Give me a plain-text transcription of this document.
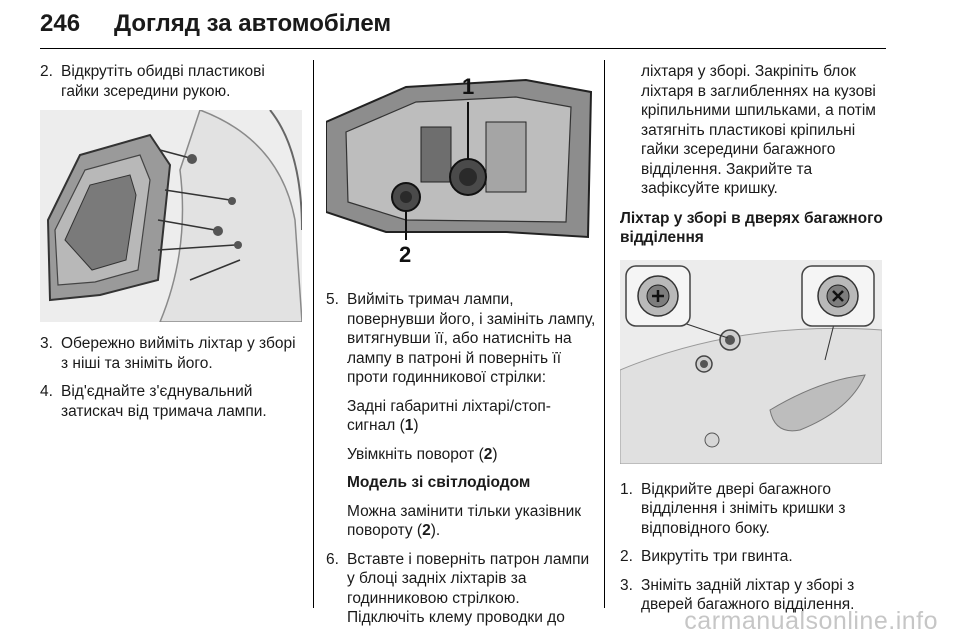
246 Догляд за автомобілем
2. Відкрутіть обидві пластикові гайки зсередини рукою.
3. Обережно вийміть ліхтар у зборі з ніші та зніміть його.
4. Від'єднайте з'єднувальний затискач від тримача лампи.
1
2
5. Вийміть тримач лампи, повернувши його, і замініть лампу, витягнувши її, або натисніть на лампу в патроні й поверніть її проти годинникової стрілки:
Задні габаритні ліхтарі/стоп-сигнал (1)
Увімкніть поворот (2)
Модель зі світлодіодом
Можна замінити тільки указівник повороту (2).
6. Вставте і поверніть патрон лампи у блоці задніх ліхтарів за годинниковою стрілкою. Підключіть клему проводки до
ліхтаря у зборі. Закріпіть блок ліхтаря в заглибленнях на кузові кріпильними шпильками, а потім затягніть пластикові кріпильні гайки зсередини багажного відділення. Закрийте та зафіксуйте кришку.
Ліхтар у зборі в дверях багажного відділення
1. Відкрийте двері багажного відділення і зніміть кришки з відповідного боку.
2. Викрутіть три гвинта.
3. Зніміть задній ліхтар у зборі з дверей багажного відділення.
carmanualsonline.info
